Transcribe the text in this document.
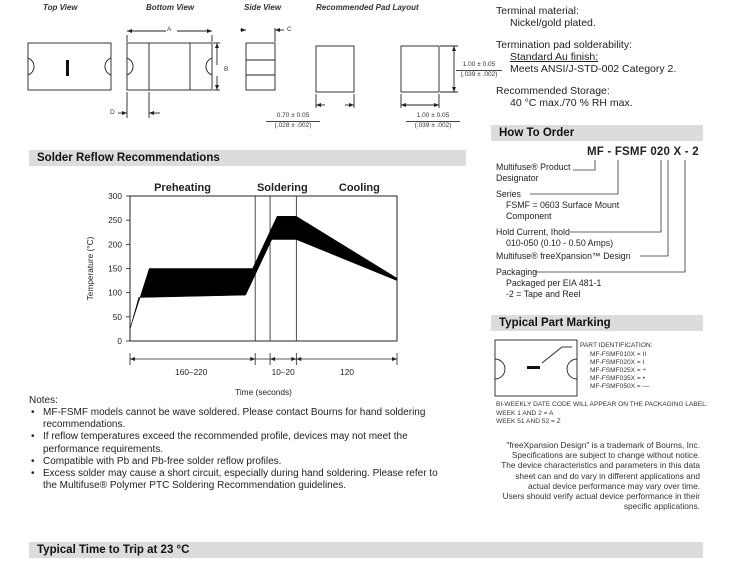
Top View	Bottom View	Side View	Recommended Pad Layout
A
B
C
D	0.70 ± 0.05
(.028 ± .002)
1.00 ± 0.05
(.039 ± .002)
1.00 ± 0.05
(.039 ± .002)
Terminal material:
Nickel/gold plated.
Termination pad solderability:
Standard Au finish:
Meets ANSI/J-STD-002 Category 2.
Recommended Storage:
40 °C max./70 % RH max.
How To Order
MF - FSMF 020 X - 2
Multifuse® Product
Designator
Series
FSMF = 0603 Surface Mount
Component
Hold Current, Ihold
010-050 (0.10 - 0.50 Amps)
Multifuse® freeXpansion™ Design
Packaging
Packaged per EIA 481-1
-2 = Tape and Reel
Typical Part Marking
PART IDENTIFICATION:
MF-FSMF010X = II
MF-FSMF020X = I
MF-FSMF025X = ÷
MF-FSMF035X = •
MF-FSMF050X = —
BI-WEEKLY DATE CODE WILL APPEAR ON THE PACKAGING LABEL:
WEEK 1 AND 2 = A
WEEK 51 AND 52 = Z
"freeXpansion Design" is a trademark of Bourns, Inc.
Specifications are subject to change without notice.
The device characteristics and parameters in this data
sheet can and do vary in different applications and
actual device performance may vary over time.
Users should verify actual device performance in their
specific applications.
Solder Reflow Recommendations
0
50
100
150
200
250
300
Preheating	Soldering	Cooling
160–220	10–20	120
Time (seconds)
Temperature (°C)
Notes:
• MF-FSMF models cannot be wave soldered. Please contact Bourns for hand soldering
recommendations.
• If reflow temperatures exceed the recommended profile, devices may not meet the
performance requirements.
• Compatible with Pb and Pb-free solder reflow profiles.
• Excess solder may cause a short circuit, especially during hand soldering. Please refer to
the Multifuse® Polymer PTC Soldering Recommendation guidelines.
Typical Time to Trip at 23 °C
